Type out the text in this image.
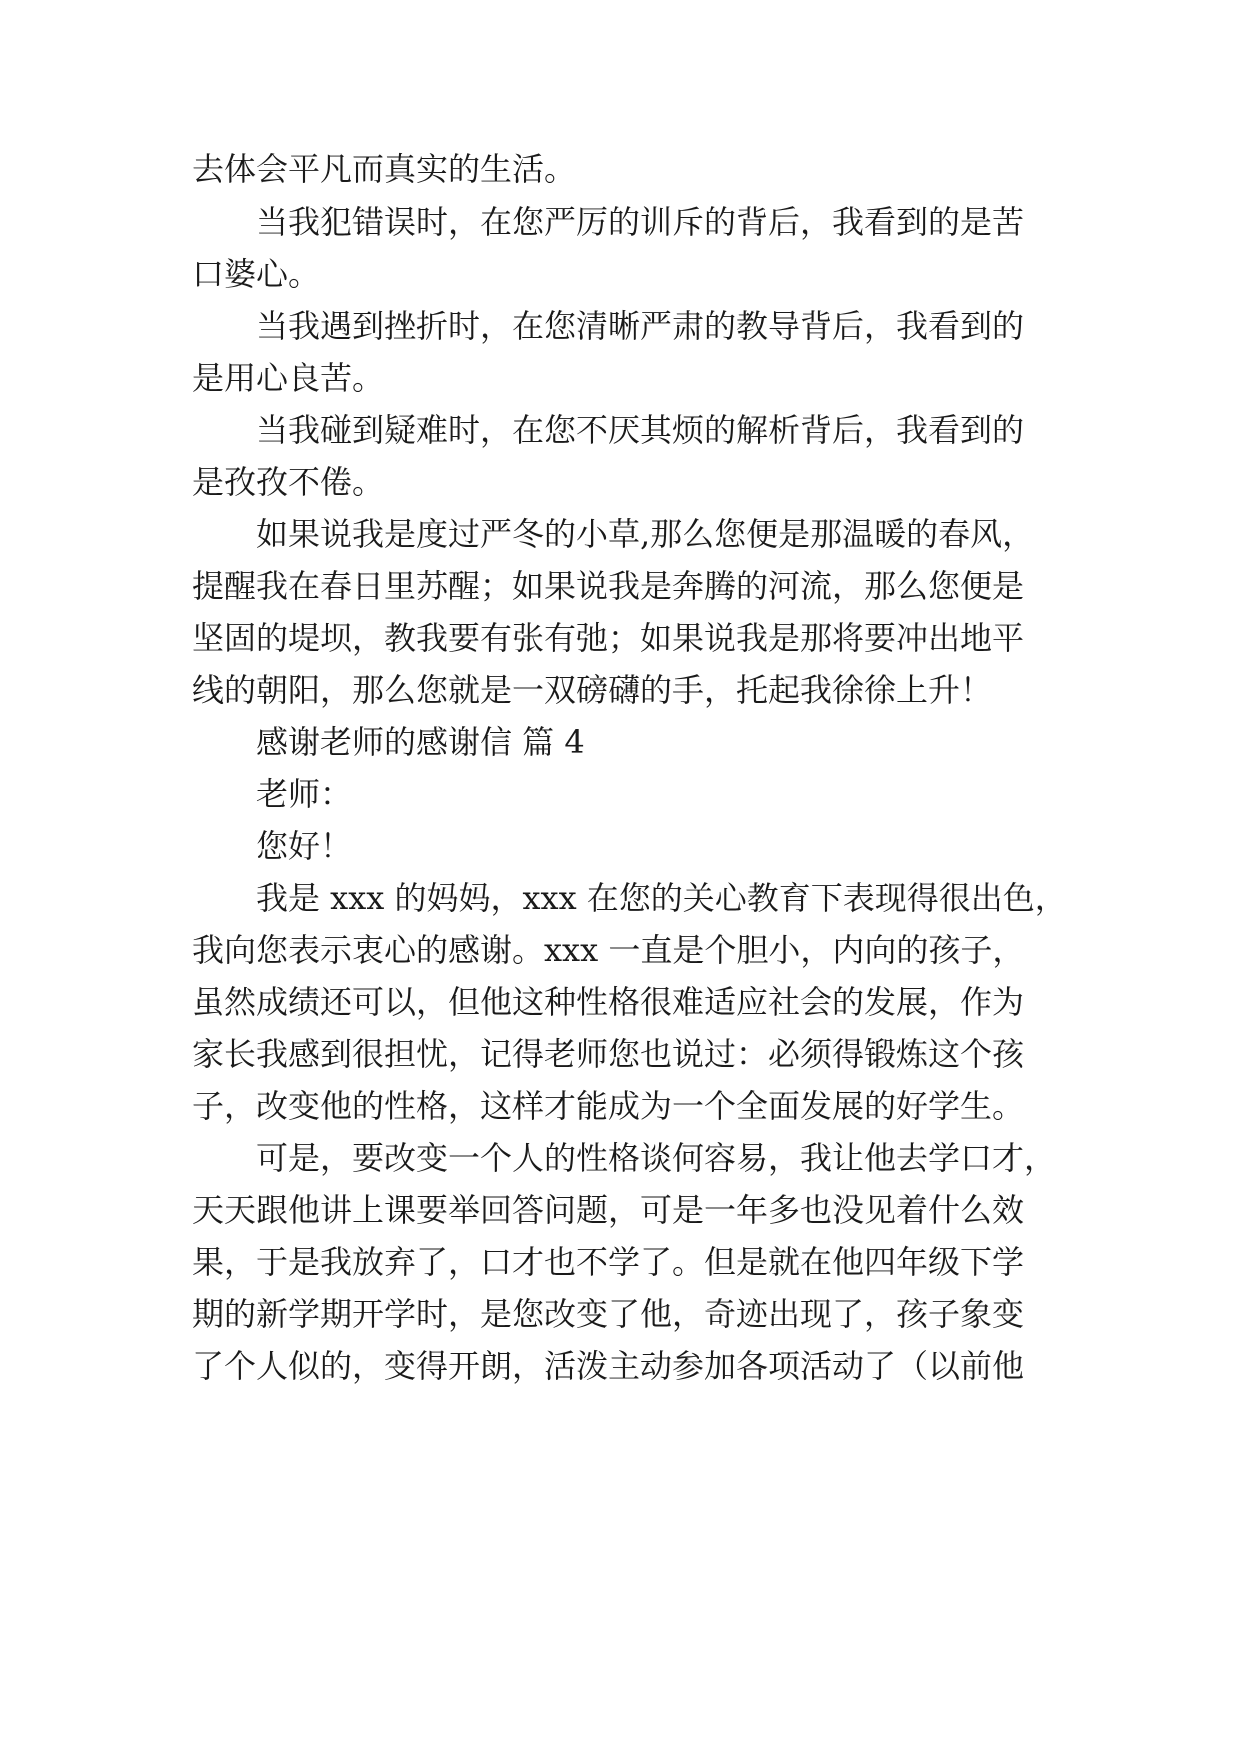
去体会平凡而真实的生活。
当我犯错误时，在您严厉的训斥的背后，我看到的是苦
口婆心。
当我遇到挫折时，在您清晰严肃的教导背后，我看到的
是用心良苦。
当我碰到疑难时，在您不厌其烦的解析背后，我看到的
是孜孜不倦。
如果说我是度过严冬的小草,那么您便是那温暖的春风，
提醒我在春日里苏醒；如果说我是奔腾的河流，那么您便是
坚固的堤坝，教我要有张有弛；如果说我是那将要冲出地平
线的朝阳，那么您就是一双磅礴的手，托起我徐徐上升！
感谢老师的感谢信 篇 4
老师：
您好！
我是 xxx 的妈妈，xxx 在您的关心教育下表现得很出色，
我向您表示衷心的感谢。xxx 一直是个胆小，内向的孩子，
虽然成绩还可以，但他这种性格很难适应社会的发展，作为
家长我感到很担忧，记得老师您也说过：必须得锻炼这个孩
子，改变他的性格，这样才能成为一个全面发展的好学生。
可是，要改变一个人的性格谈何容易，我让他去学口才，
天天跟他讲上课要举回答问题，可是一年多也没见着什么效
果，于是我放弃了，口才也不学了。但是就在他四年级下学
期的新学期开学时，是您改变了他，奇迹出现了，孩子象变
了个人似的，变得开朗，活泼主动参加各项活动了（以前他
